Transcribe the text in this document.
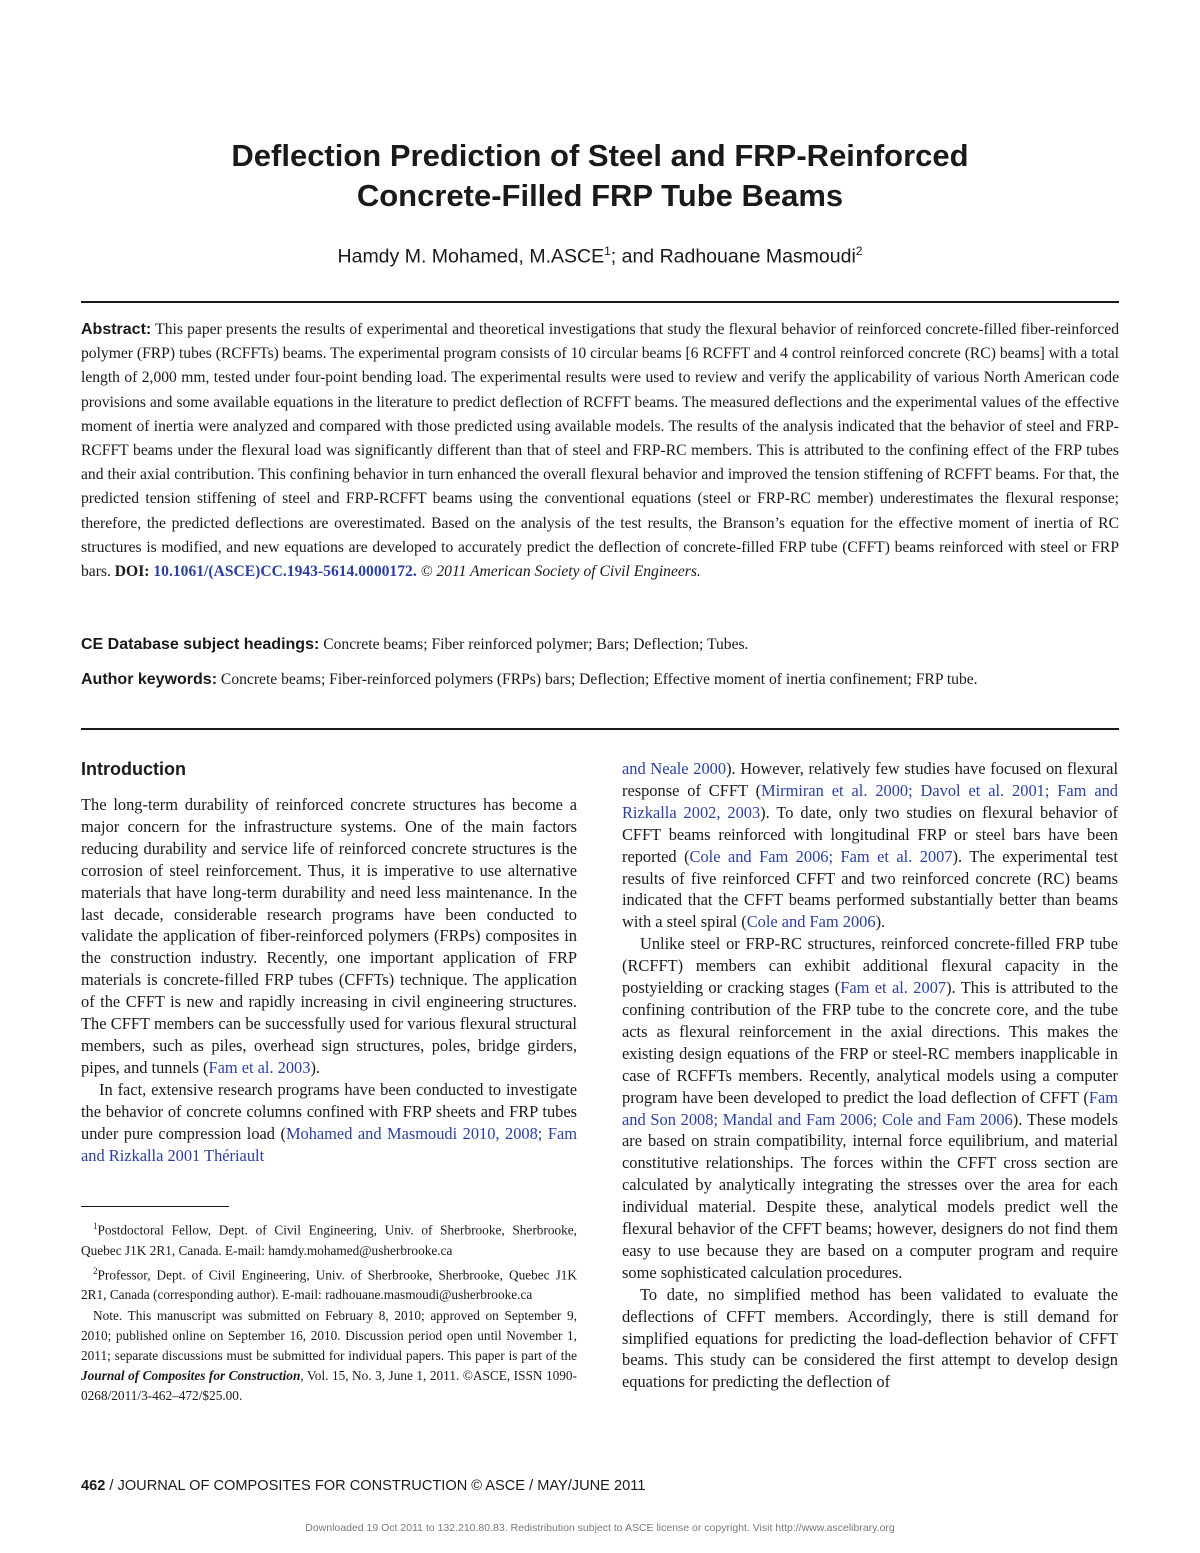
Deflection Prediction of Steel and FRP-Reinforced
Concrete-Filled FRP Tube Beams
Hamdy M. Mohamed, M.ASCE$^1$; and Radhouane Masmoudi$^2$
Abstract: This paper presents the results of experimental and theoretical investigations that study the flexural behavior of reinforced concrete-filled fiber-reinforced polymer (FRP) tubes (RCFFTs) beams. The experimental program consists of 10 circular beams [6 RCFFT and 4 control reinforced concrete (RC) beams] with a total length of 2,000 mm, tested under four-point bending load. The experimental results were used to review and verify the applicability of various North American code provisions and some available equations in the literature to predict deflection of RCFFT beams. The measured deflections and the experimental values of the effective moment of inertia were analyzed and compared with those predicted using available models. The results of the analysis indicated that the behavior of steel and FRP-RCFFT beams under the flexural load was significantly different than that of steel and FRP-RC members. This is attributed to the confining effect of the FRP tubes and their axial contribution. This confining behavior in turn enhanced the overall flexural behavior and improved the tension stiffening of RCFFT beams. For that, the predicted tension stiffening of steel and FRP-RCFFT beams using the conventional equations (steel or FRP-RC member) underestimates the flexural response; therefore, the predicted deflections are overestimated. Based on the analysis of the test results, the Branson’s equation for the effective moment of inertia of RC structures is modified, and new equations are developed to accurately predict the deflection of concrete-filled FRP tube (CFFT) beams reinforced with steel or FRP bars. DOI: 10.1061/(ASCE)CC.1943-5614.0000172. © 2011 American Society of Civil Engineers.
CE Database subject headings: Concrete beams; Fiber reinforced polymer; Bars; Deflection; Tubes.
Author keywords: Concrete beams; Fiber-reinforced polymers (FRPs) bars; Deflection; Effective moment of inertia confinement; FRP tube.
Introduction

The long-term durability of reinforced concrete structures has become a major concern for the infrastructure systems. One of the main factors reducing durability and service life of reinforced concrete structures is the corrosion of steel reinforcement. Thus, it is imperative to use alternative materials that have long-term durability and need less maintenance. In the last decade, considerable research programs have been conducted to validate the application of fiber-reinforced polymers (FRPs) composites in the construction industry. Recently, one important application of FRP materials is concrete-filled FRP tubes (CFFTs) technique. The application of the CFFT is new and rapidly increasing in civil engineering structures. The CFFT members can be successfully used for various flexural structural members, such as piles, overhead sign structures, poles, bridge girders, pipes, and tunnels (Fam et al. 2003).

In fact, extensive research programs have been conducted to investigate the behavior of concrete columns confined with FRP sheets and FRP tubes under pure compression load (Mohamed and Masmoudi 2010, 2008; Fam and Rizkalla 2001 Thériault

$^1$Postdoctoral Fellow, Dept. of Civil Engineering, Univ. of Sherbrooke, Sherbrooke, Quebec J1K 2R1, Canada. E-mail: hamdy.mohamed@usherbrooke.ca

$^2$Professor, Dept. of Civil Engineering, Univ. of Sherbrooke, Sherbrooke, Quebec J1K 2R1, Canada (corresponding author). E-mail: radhouane.masmoudi@usherbrooke.ca

Note. This manuscript was submitted on February 8, 2010; approved on September 9, 2010; published online on September 16, 2010. Discussion period open until November 1, 2011; separate discussions must be submitted for individual papers. This paper is part of the Journal of Composites for Construction, Vol. 15, No. 3, June 1, 2011. ©ASCE, ISSN 1090-0268/2011/3-462–472/$25.00.

and Neale 2000). However, relatively few studies have focused on flexural response of CFFT (Mirmiran et al. 2000; Davol et al. 2001; Fam and Rizkalla 2002, 2003). To date, only two studies on flexural behavior of CFFT beams reinforced with longitudinal FRP or steel bars have been reported (Cole and Fam 2006; Fam et al. 2007). The experimental test results of five reinforced CFFT and two reinforced concrete (RC) beams indicated that the CFFT beams performed substantially better than beams with a steel spiral (Cole and Fam 2006).

Unlike steel or FRP-RC structures, reinforced concrete-filled FRP tube (RCFFT) members can exhibit additional flexural capacity in the postyielding or cracking stages (Fam et al. 2007). This is attributed to the confining contribution of the FRP tube to the concrete core, and the tube acts as flexural reinforcement in the axial directions. This makes the existing design equations of the FRP or steel-RC members inapplicable in case of RCFFTs members. Recently, analytical models using a computer program have been developed to predict the load deflection of CFFT (Fam and Son 2008; Mandal and Fam 2006; Cole and Fam 2006). These models are based on strain compatibility, internal force equilibrium, and material constitutive relationships. The forces within the CFFT cross section are calculated by analytically integrating the stresses over the area for each individual material. Despite these, analytical models predict well the flexural behavior of the CFFT beams; however, designers do not find them easy to use because they are based on a computer program and require some sophisticated calculation procedures.

To date, no simplified method has been validated to evaluate the deflections of CFFT members. Accordingly, there is still demand for simplified equations for predicting the load-deflection behavior of CFFT beams. This study can be considered the first attempt to develop design equations for predicting the deflection of

462 / JOURNAL OF COMPOSITES FOR CONSTRUCTION © ASCE / MAY/JUNE 2011
Downloaded 19 Oct 2011 to 132.210.80.83. Redistribution subject to ASCE license or copyright. Visit http://www.ascelibrary.org
